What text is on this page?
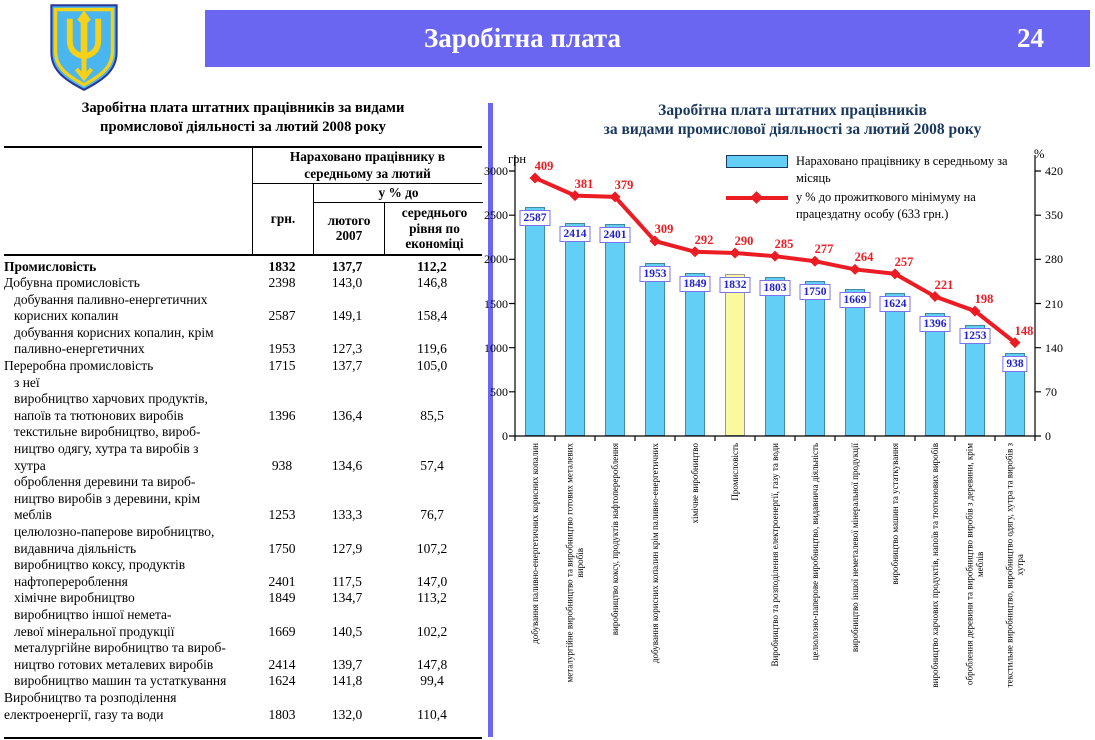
Заробітна плата	24
Заробітна плата штатних працівників за видами
промислової діяльності за лютий 2008 року
Нараховано працівнику в середньому за лютий
грн.
у % до
лютого
2007
середнього
рівня по
економіці
Промисловість	1832	137,7	112,2
Добувна промисловість	2398	143,0	146,8
добування паливно-енергетичних
корисних копалин	2587	149,1	158,4
добування корисних копалин, крім
паливно-енергетичних	1953	127,3	119,6
Переробна промисловість	1715	137,7	105,0
з неї
виробництво харчових продуктів,
напоїв та тютюнових виробів	1396	136,4	85,5
текстильне виробництво, вироб-
ництво одягу, хутра та виробів з
хутра	938	134,6	57,4
оброблення деревини та вироб-
ництво виробів з деревини, крім
меблів	1253	133,3	76,7
целюлозно-паперове виробництво,
видавнича діяльність	1750	127,9	107,2
виробництво коксу, продуктів
нафтоперероблення	2401	117,5	147,0
хімічне виробництво	1849	134,7	113,2
виробництво іншої немета-
левої мінеральної продукції	1669	140,5	102,2
металургійне виробництво та вироб-
ництво готових металевих виробів	2414	139,7	147,8
виробництво машин та устаткування	1624	141,8	99,4
Виробництво та розподілення
електроенергії, газу та води	1803	132,0	110,4
Заробітна плата штатних працівників
за видами промислової діяльності за лютий 2008 року
грн	%
Нараховано працівнику в середньому за місяць
у % до прожиткового мінімуму на працездатну особу (633 грн.)
0
500
1000
1500
2000
2500
3000
0
70
140
210
280
350
420
2587
2414	2401
1953
1849	1832	1803	1750
1669	1624
1396
1253
938
409
381 379
309
292 290 285 277
264 257
221
198
148
добування паливно-енергетичних корисних копалин
металургійне виробництво та виробництво готових металевих
виробів	виробництво коксу, продуктів нафтоперероблення	добування корисних копалин крім паливно-енергетичних	хімічне виробництво	Промисловість	Виробництво та розподілення електроенергії, газу та води	целюлозно-паперове виробництво, видавнича діяльність	виробництво іншої неметалевої мінеральної продукції	виробництво машин та устаткування	виробництво харчових продуктів, напоїв та тютюнових виробів	оброблення деревини та виробництво виробів з деревини, крім
меблів
текстильне виробництво, виробництво одягу, хутра та виробів з
хутра
